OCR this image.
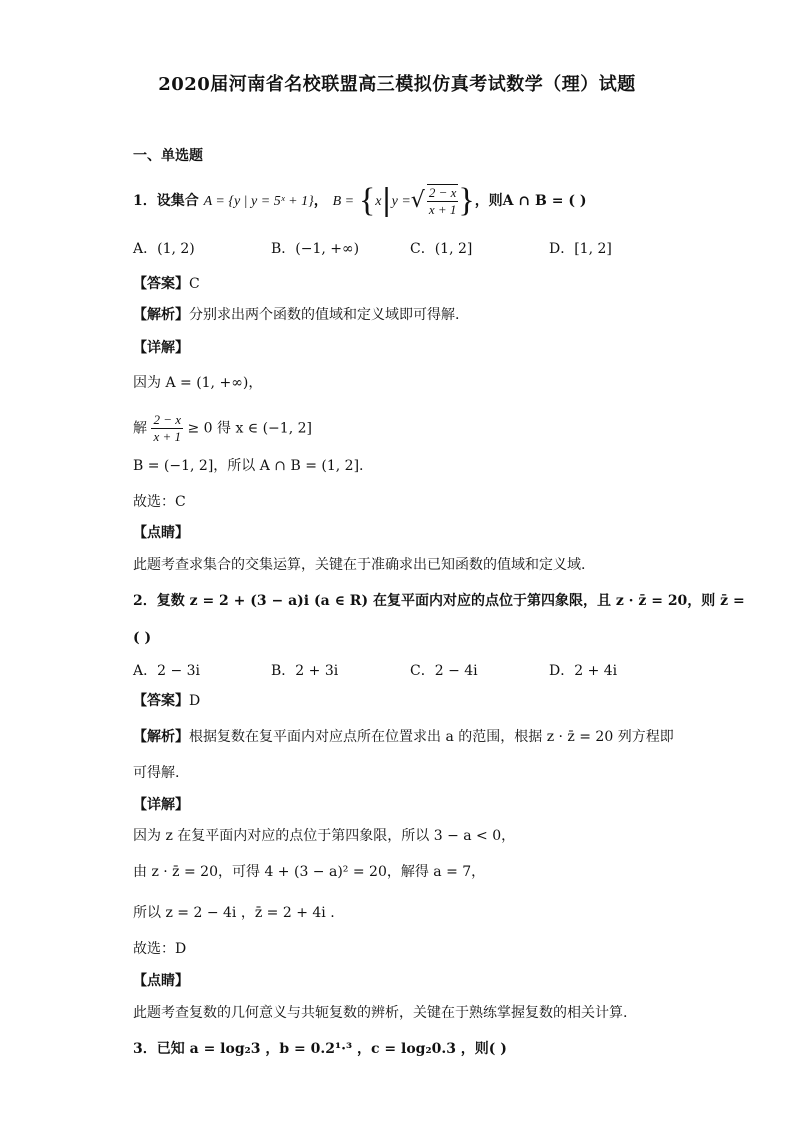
2020届河南省名校联盟高三模拟仿真考试数学（理）试题
一、单选题
1．设集合 A = {y | y = 5ˣ + 1}， B = {x|y =√ $\frac{2 - x}{x + 1}$ }，则A ∩ B = ( )
A．(1, 2)	B．(−1, +∞)	C．(1, 2]	D．[1, 2]
【答案】C
【解析】分别求出两个函数的值域和定义域即可得解.
【详解】
因为 A = (1, +∞)，
解 $\frac{2 - x}{x + 1} \ge 0$ 得 x ∈ (−1, 2]
B = (−1, 2]，所以 A ∩ B = (1, 2].
故选：C
【点睛】
此题考查求集合的交集运算，关键在于准确求出已知函数的值域和定义域.
2．复数 z = 2 + (3 − a)i (a ∈ R) 在复平面内对应的点位于第四象限，且 z · z̄ = 20，则 z̄ =
( )
A．2 − 3i	B．2 + 3i	C．2 − 4i	D．2 + 4i
【答案】D
【解析】根据复数在复平面内对应点所在位置求出 a 的范围，根据 z · z̄ = 20 列方程即
可得解.
【详解】
因为 z 在复平面内对应的点位于第四象限，所以 3 − a < 0，
由 z · z̄ = 20，可得 4 + (3 − a)² = 20，解得 a = 7，
所以 z = 2 − 4i ，z̄ = 2 + 4i .
故选：D
【点睛】
此题考查复数的几何意义与共轭复数的辨析，关键在于熟练掌握复数的相关计算.
3．已知 a = log₂3 ，b = 0.2¹·³ ，c = log₂0.3 ，则( )
